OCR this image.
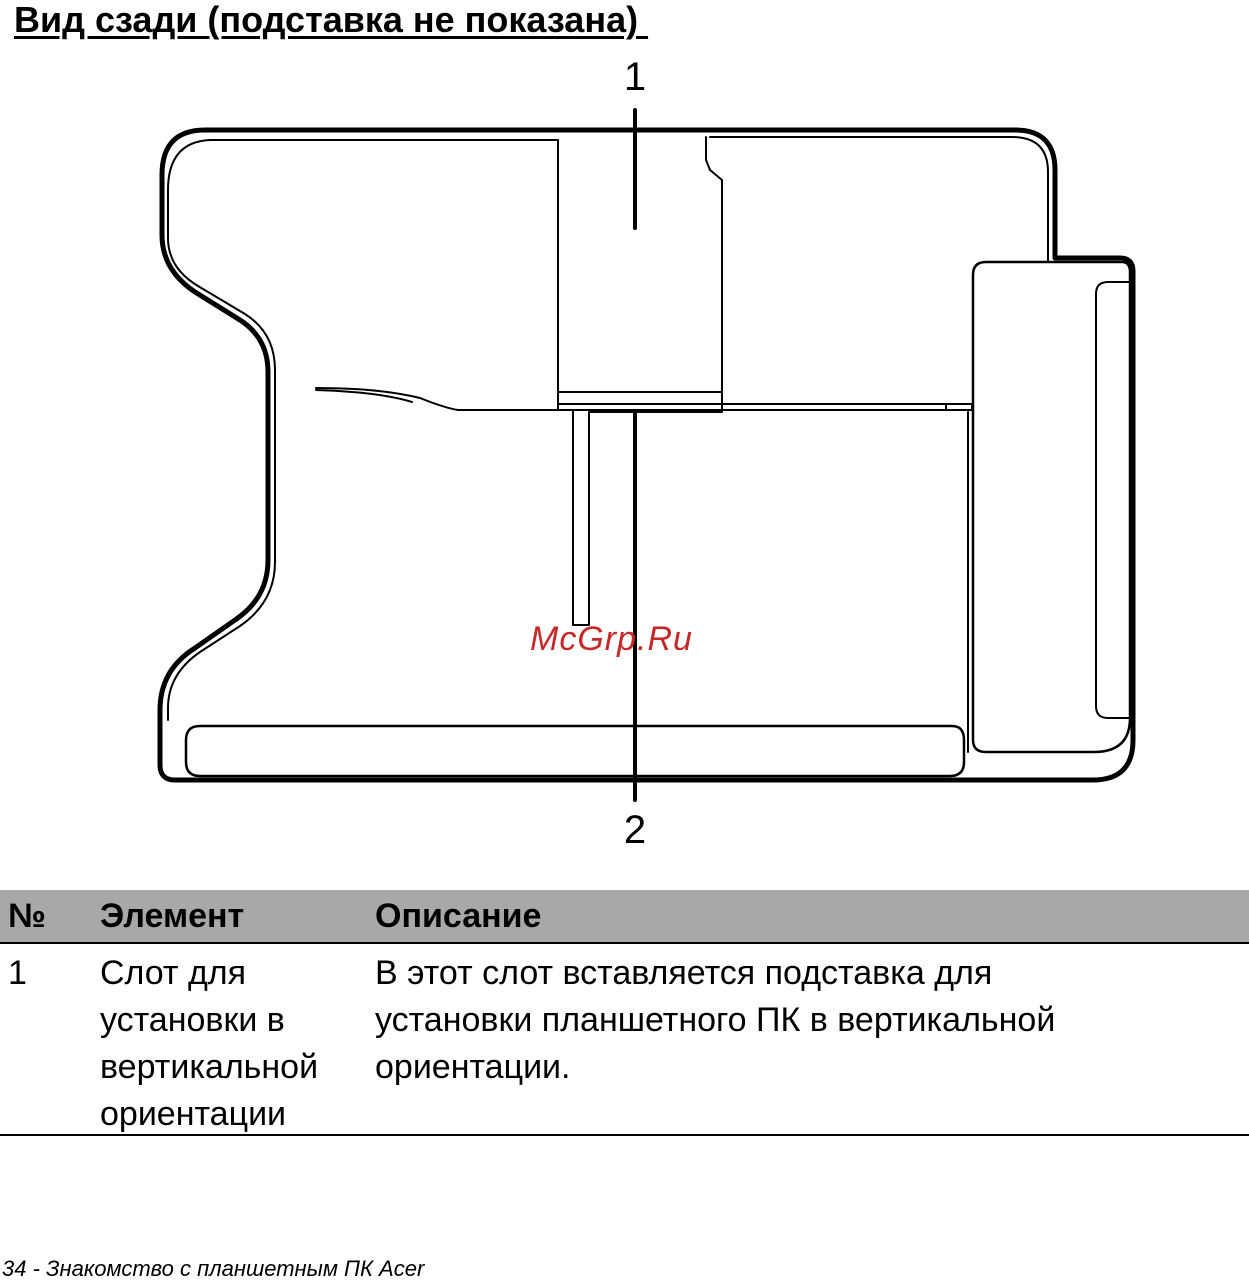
Вид сзади (подставка не показана)
1
2
McGrp.Ru
№ Элемент	Описание
1 Слот для
установки в
вертикальной
ориентации
В этот слот вставляется подставка для
установки планшетного ПК в вертикальной
ориентации.
34 - Знакомство с планшетным ПК Acer
